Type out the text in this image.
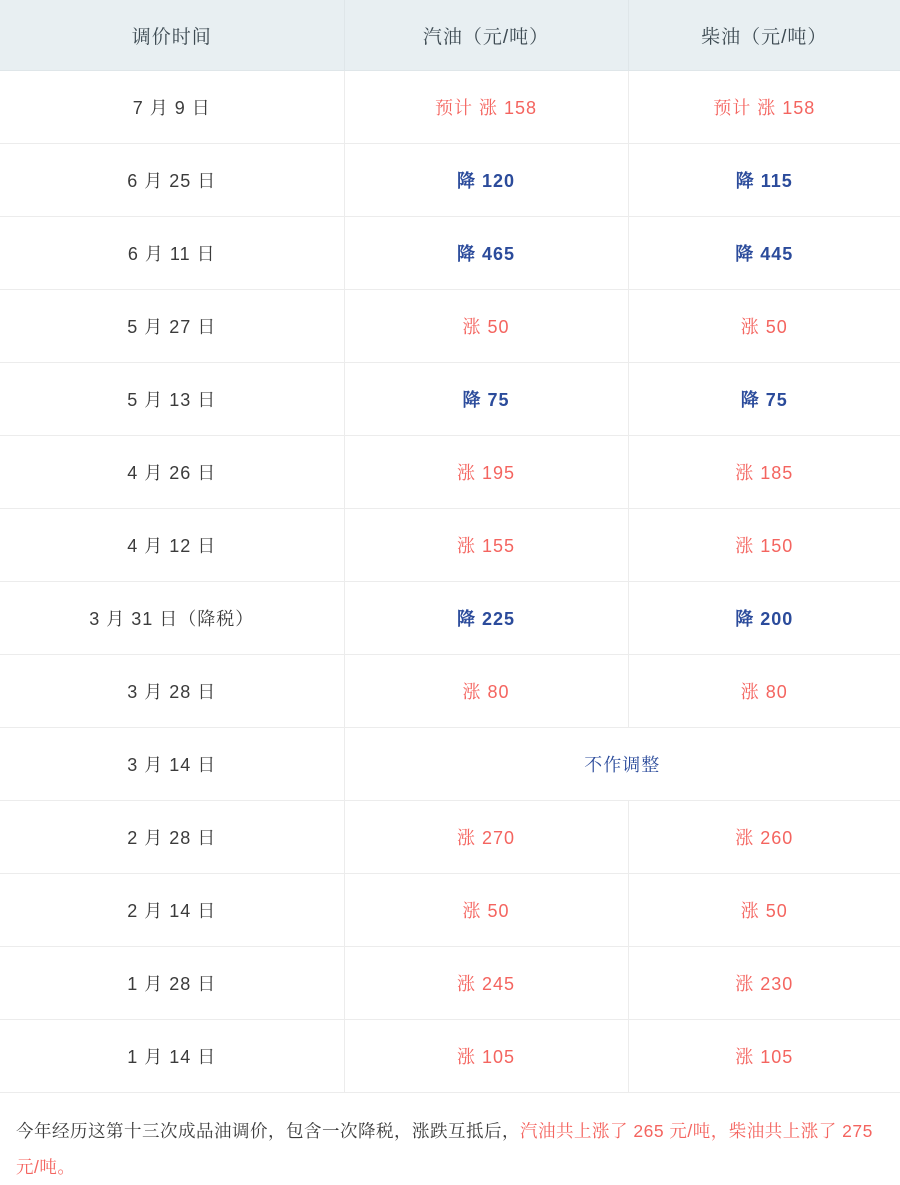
调价时间	汽油（元/吨）	柴油（元/吨）
7 月 9 日	预计 涨 158	预计 涨 158
6 月 25 日	降 120	降 115
6 月 11 日	降 465	降 445
5 月 27 日	涨 50	涨 50
5 月 13 日	降 75	降 75
4 月 26 日	涨 195	涨 185
4 月 12 日	涨 155	涨 150
3 月 31 日（降税）	降 225	降 200
3 月 28 日	涨 80	涨 80
3 月 14 日	不作调整	
2 月 28 日	涨 270	涨 260
2 月 14 日	涨 50	涨 50
1 月 28 日	涨 245	涨 230
1 月 14 日	涨 105	涨 105
今年经历这第十三次成品油调价，包含一次降税，涨跌互抵后，汽油共上涨了 265 元/吨，柴油共上涨了 275 元/吨。
